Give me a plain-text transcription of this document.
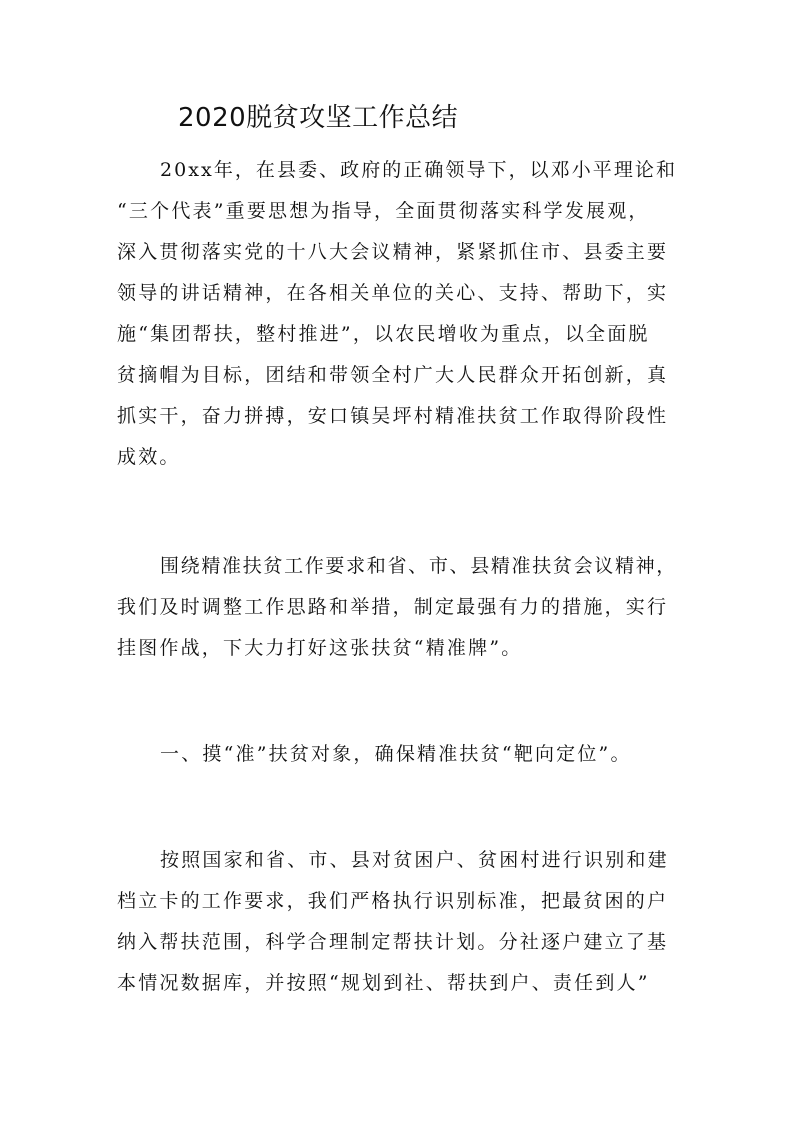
2020脱贫攻坚工作总结
20xx年，在县委、政府的正确领导下，以邓小平理论和
“三个代表”重要思想为指导，全面贯彻落实科学发展观，
深入贯彻落实党的十八大会议精神，紧紧抓住市、县委主要
领导的讲话精神，在各相关单位的关心、支持、帮助下，实
施“集团帮扶，整村推进”，以农民增收为重点，以全面脱
贫摘帽为目标，团结和带领全村广大人民群众开拓创新，真
抓实干，奋力拼搏，安口镇吴坪村精准扶贫工作取得阶段性
成效。
围绕精准扶贫工作要求和省、市、县精准扶贫会议精神，
我们及时调整工作思路和举措，制定最强有力的措施，实行
挂图作战，下大力打好这张扶贫“精准牌”。
一、摸“准”扶贫对象，确保精准扶贫“靶向定位”。
按照国家和省、市、县对贫困户、贫困村进行识别和建
档立卡的工作要求，我们严格执行识别标准，把最贫困的户
纳入帮扶范围，科学合理制定帮扶计划。分社逐户建立了基
本情况数据库，并按照“规划到社、帮扶到户、责任到人”
